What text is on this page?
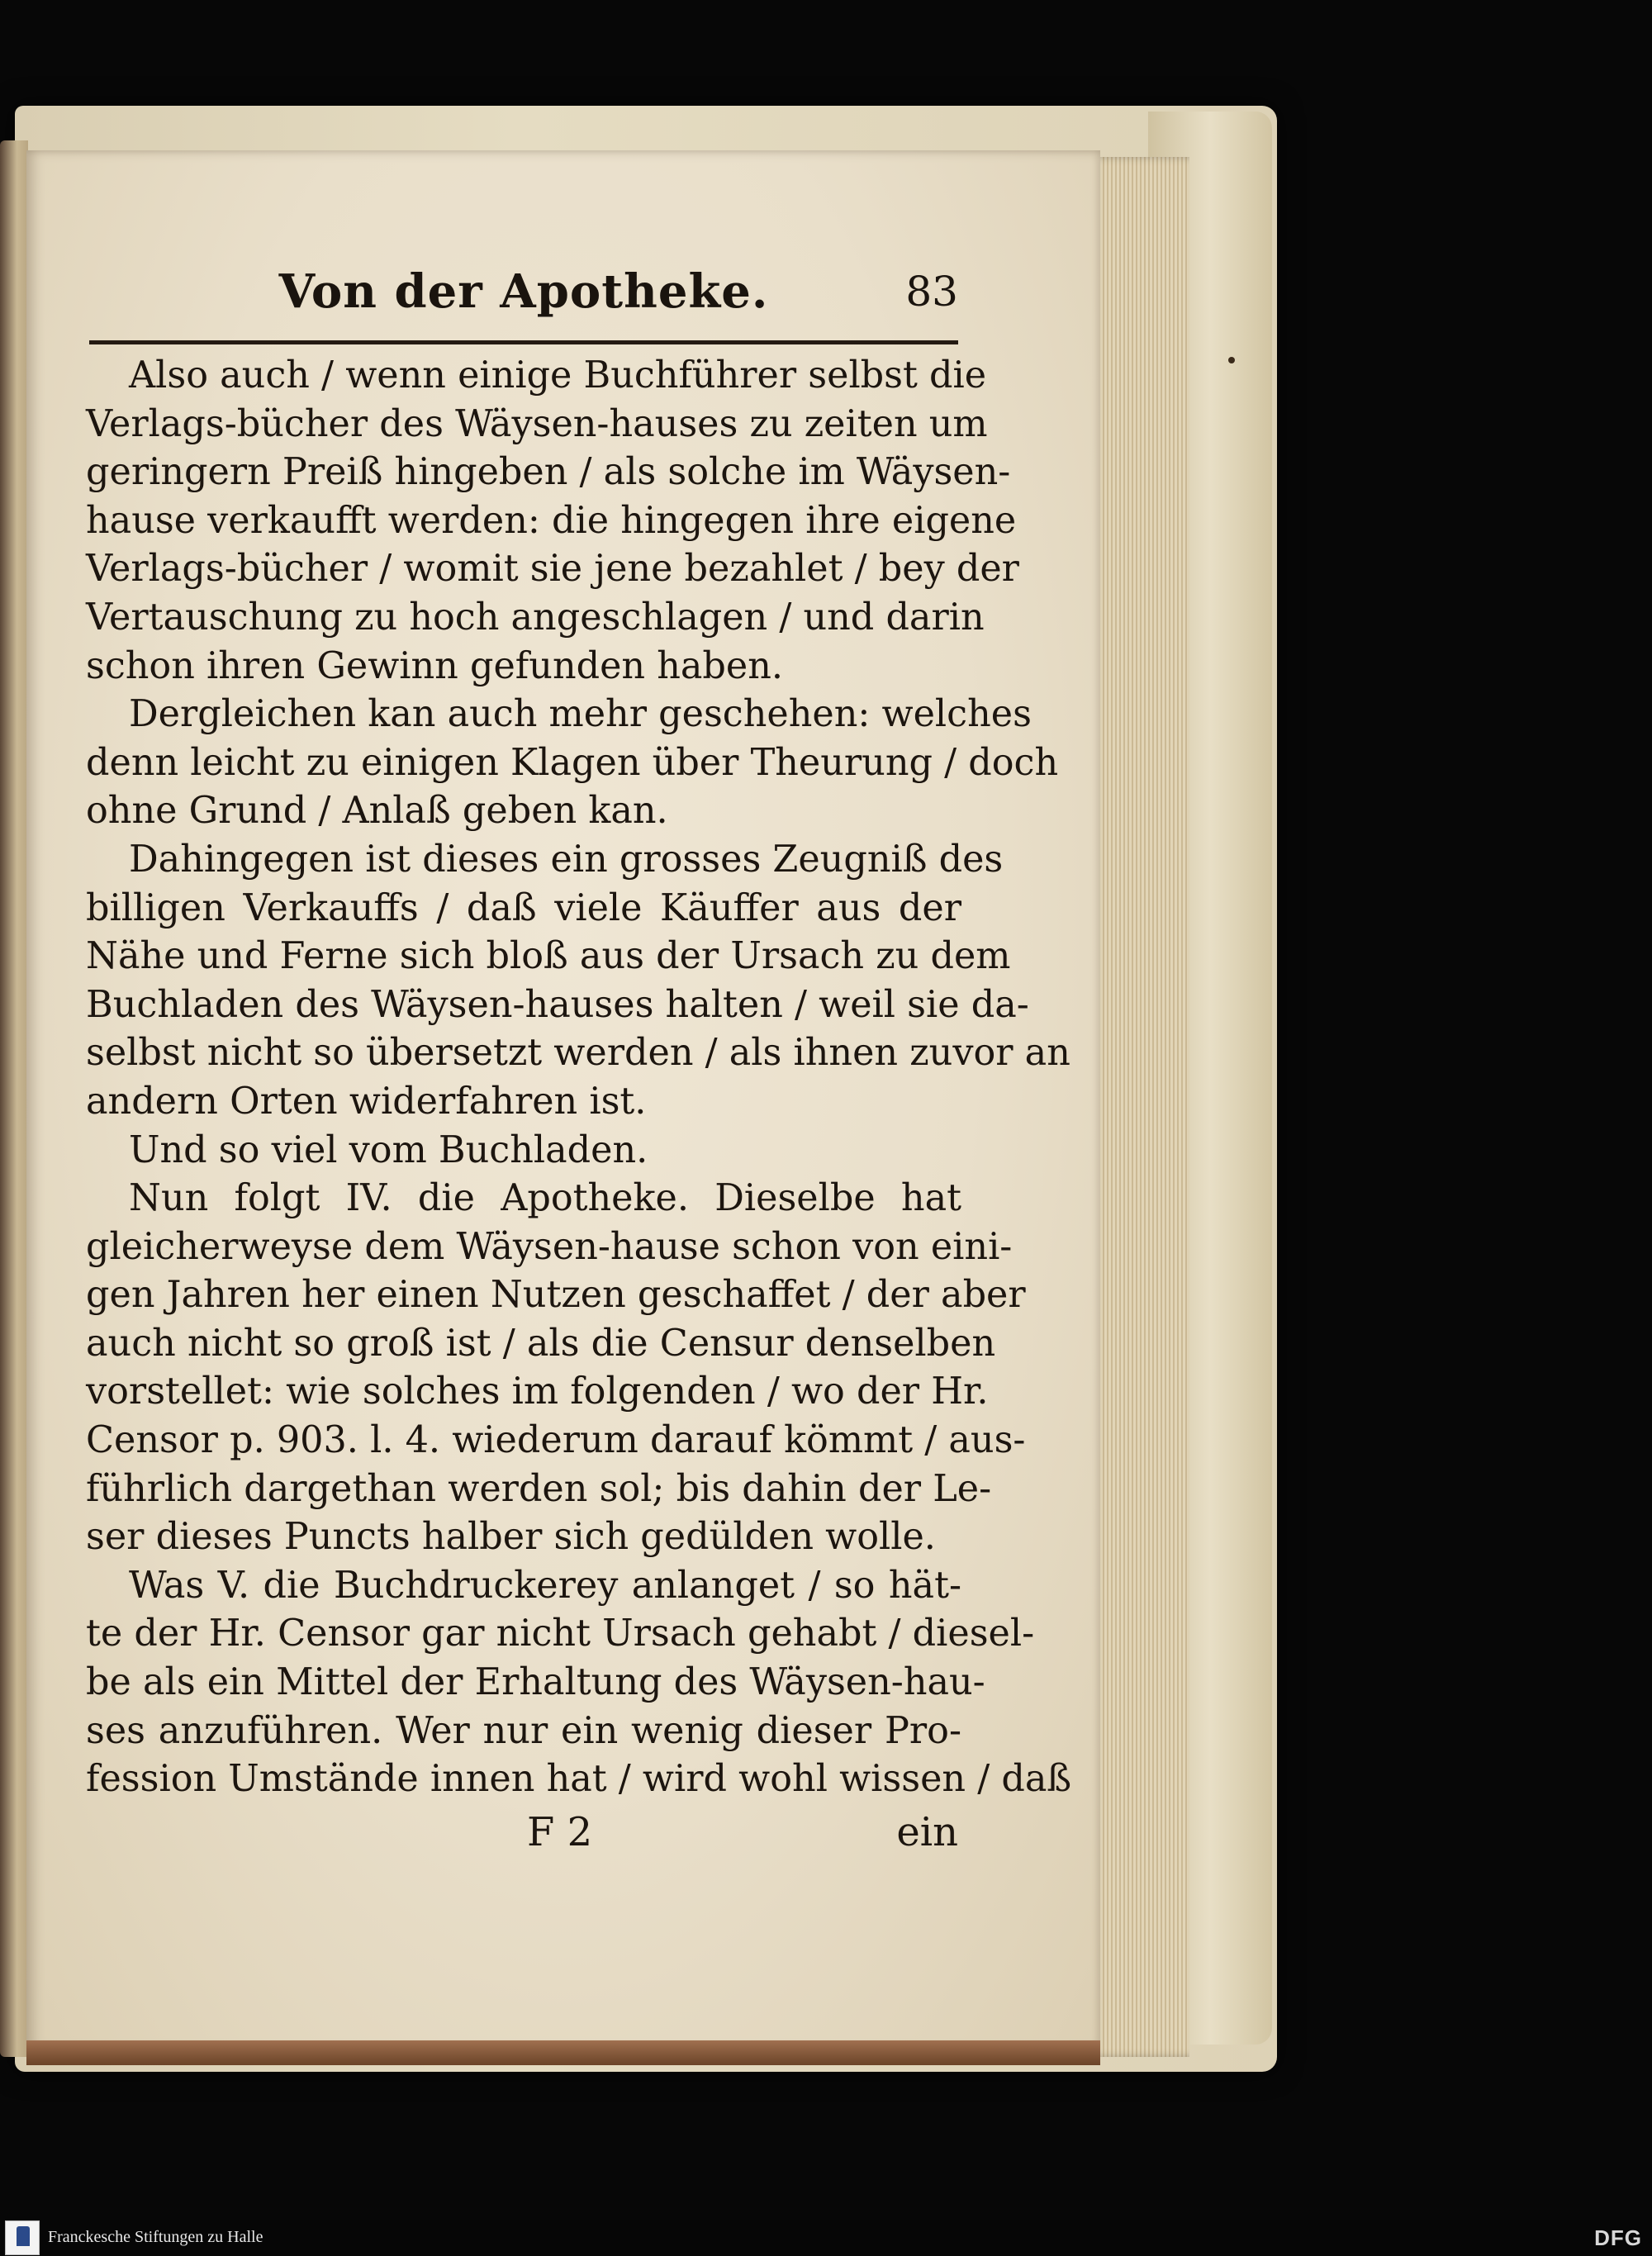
Von der Apotheke.	83
Also auch / wenn einige Buchführer selbst die
Verlags-bücher des Wäysen-hauses zu zeiten um
geringern Preiß hingeben / als solche im Wäysen-
hause verkaufft werden: die hingegen ihre eigene
Verlags-bücher / womit sie jene bezahlet / bey der
Vertauschung zu hoch angeschlagen / und darin
schon ihren Gewinn gefunden haben.
Dergleichen kan auch mehr geschehen: welches
denn leicht zu einigen Klagen über Theurung / doch
ohne Grund / Anlaß geben kan.
Dahingegen ist dieses ein grosses Zeugniß des
billigen Verkauffs / daß viele Käuffer aus der
Nähe und Ferne sich bloß aus der Ursach zu dem
Buchladen des Wäysen-hauses halten / weil sie da-
selbst nicht so übersetzt werden / als ihnen zuvor an
andern Orten widerfahren ist.
Und so viel vom Buchladen.
Nun folgt IV. die Apotheke. Dieselbe hat
gleicherweyse dem Wäysen-hause schon von eini-
gen Jahren her einen Nutzen geschaffet / der aber
auch nicht so groß ist / als die Censur denselben
vorstellet: wie solches im folgenden / wo der Hr.
Censor p. 903. l. 4. wiederum darauf kömmt / aus-
führlich dargethan werden sol; bis dahin der Le-
ser dieses Puncts halber sich gedülden wolle.
Was V. die Buchdruckerey anlanget / so hät-
te der Hr. Censor gar nicht Ursach gehabt / diesel-
be als ein Mittel der Erhaltung des Wäysen-hau-
ses anzuführen. Wer nur ein wenig dieser Pro-
fession Umstände innen hat / wird wohl wissen / daß
F 2	ein
Franckesche Stiftungen zu Halle	DFG
